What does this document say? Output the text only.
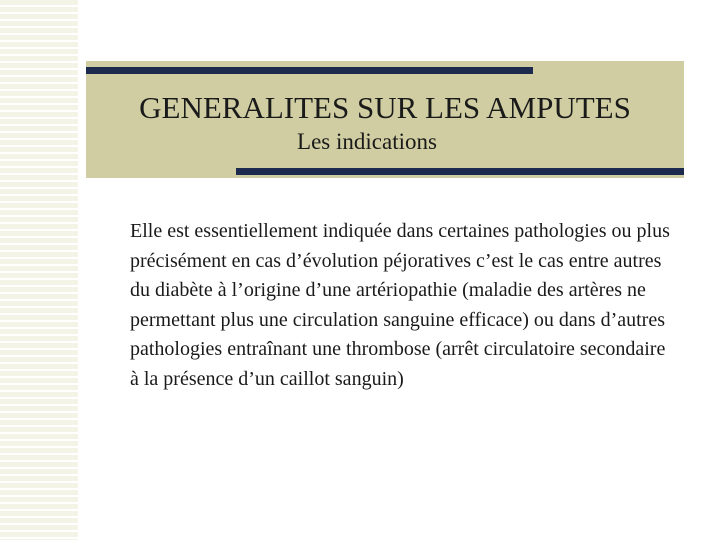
GENERALITES SUR LES AMPUTES
Les indications

Elle est essentiellement indiquée dans certaines pathologies ou plus précisément en cas d’évolution péjoratives c’est le cas entre autres du diabète à l’origine d’une artériopathie (maladie des artères ne permettant plus une circulation sanguine efficace) ou dans d’autres pathologies entraînant une thrombose (arrêt circulatoire secondaire à la présence d’un caillot sanguin)
